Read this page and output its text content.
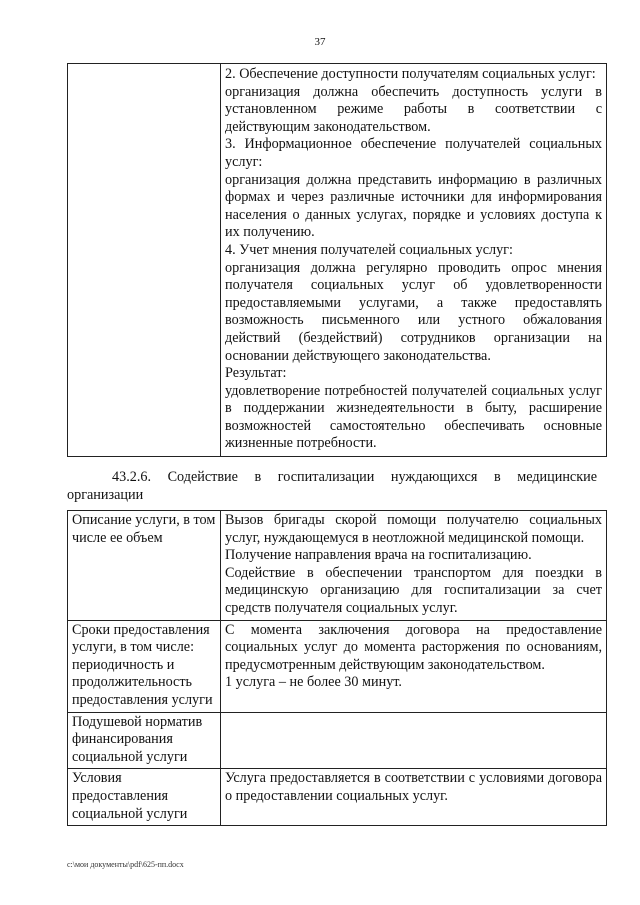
37

2. Обеспечение доступности получателям социальных услуг:
организация должна обеспечить доступность услуги в установленном режиме работы в соответствии с действующим законодательством.
3. Информационное обеспечение получателей социальных услуг:
организация должна представить информацию в различных формах и через различные источники для информирования населения о данных услугах, порядке и условиях доступа к их получению.
4. Учет мнения получателей социальных услуг:
организация должна регулярно проводить опрос мнения получателя социальных услуг об удовлетворенности предоставляемыми услугами, а также предоставлять возможность письменного или устного обжалования действий (бездействий) сотрудников организации на основании действующего законодательства.
Результат:
удовлетворение потребностей получателей социальных услуг в поддержании жизнедеятельности в быту, расширение возможностей самостоятельно обеспечивать основные жизненные потребности.
43.2.6. Содействие в госпитализации нуждающихся в медицинские организации
Описание услуги, в том числе ее объем	Вызов бригады скорой помощи получателю социальных услуг, нуждающемуся в неотложной медицинской помощи.
Получение направления врача на госпитализацию.
Содействие в обеспечении транспортом для поездки в медицинскую организацию для госпитализации за счет средств получателя социальных услуг.

Сроки предоставления услуги, в том числе: периодичность и продолжительность предоставления услуги	С момента заключения договора на предоставление социальных услуг до момента расторжения по основаниям, предусмотренным действующим законодательством.
1 услуга – не более 30 минут.

Подушевой норматив финансирования социальной услуги	

Условия предоставления социальной услуги	Услуга предоставляется в соответствии с условиями договора о предоставлении социальных услуг.
c:\мои документы\pdf\625-пп.docx
